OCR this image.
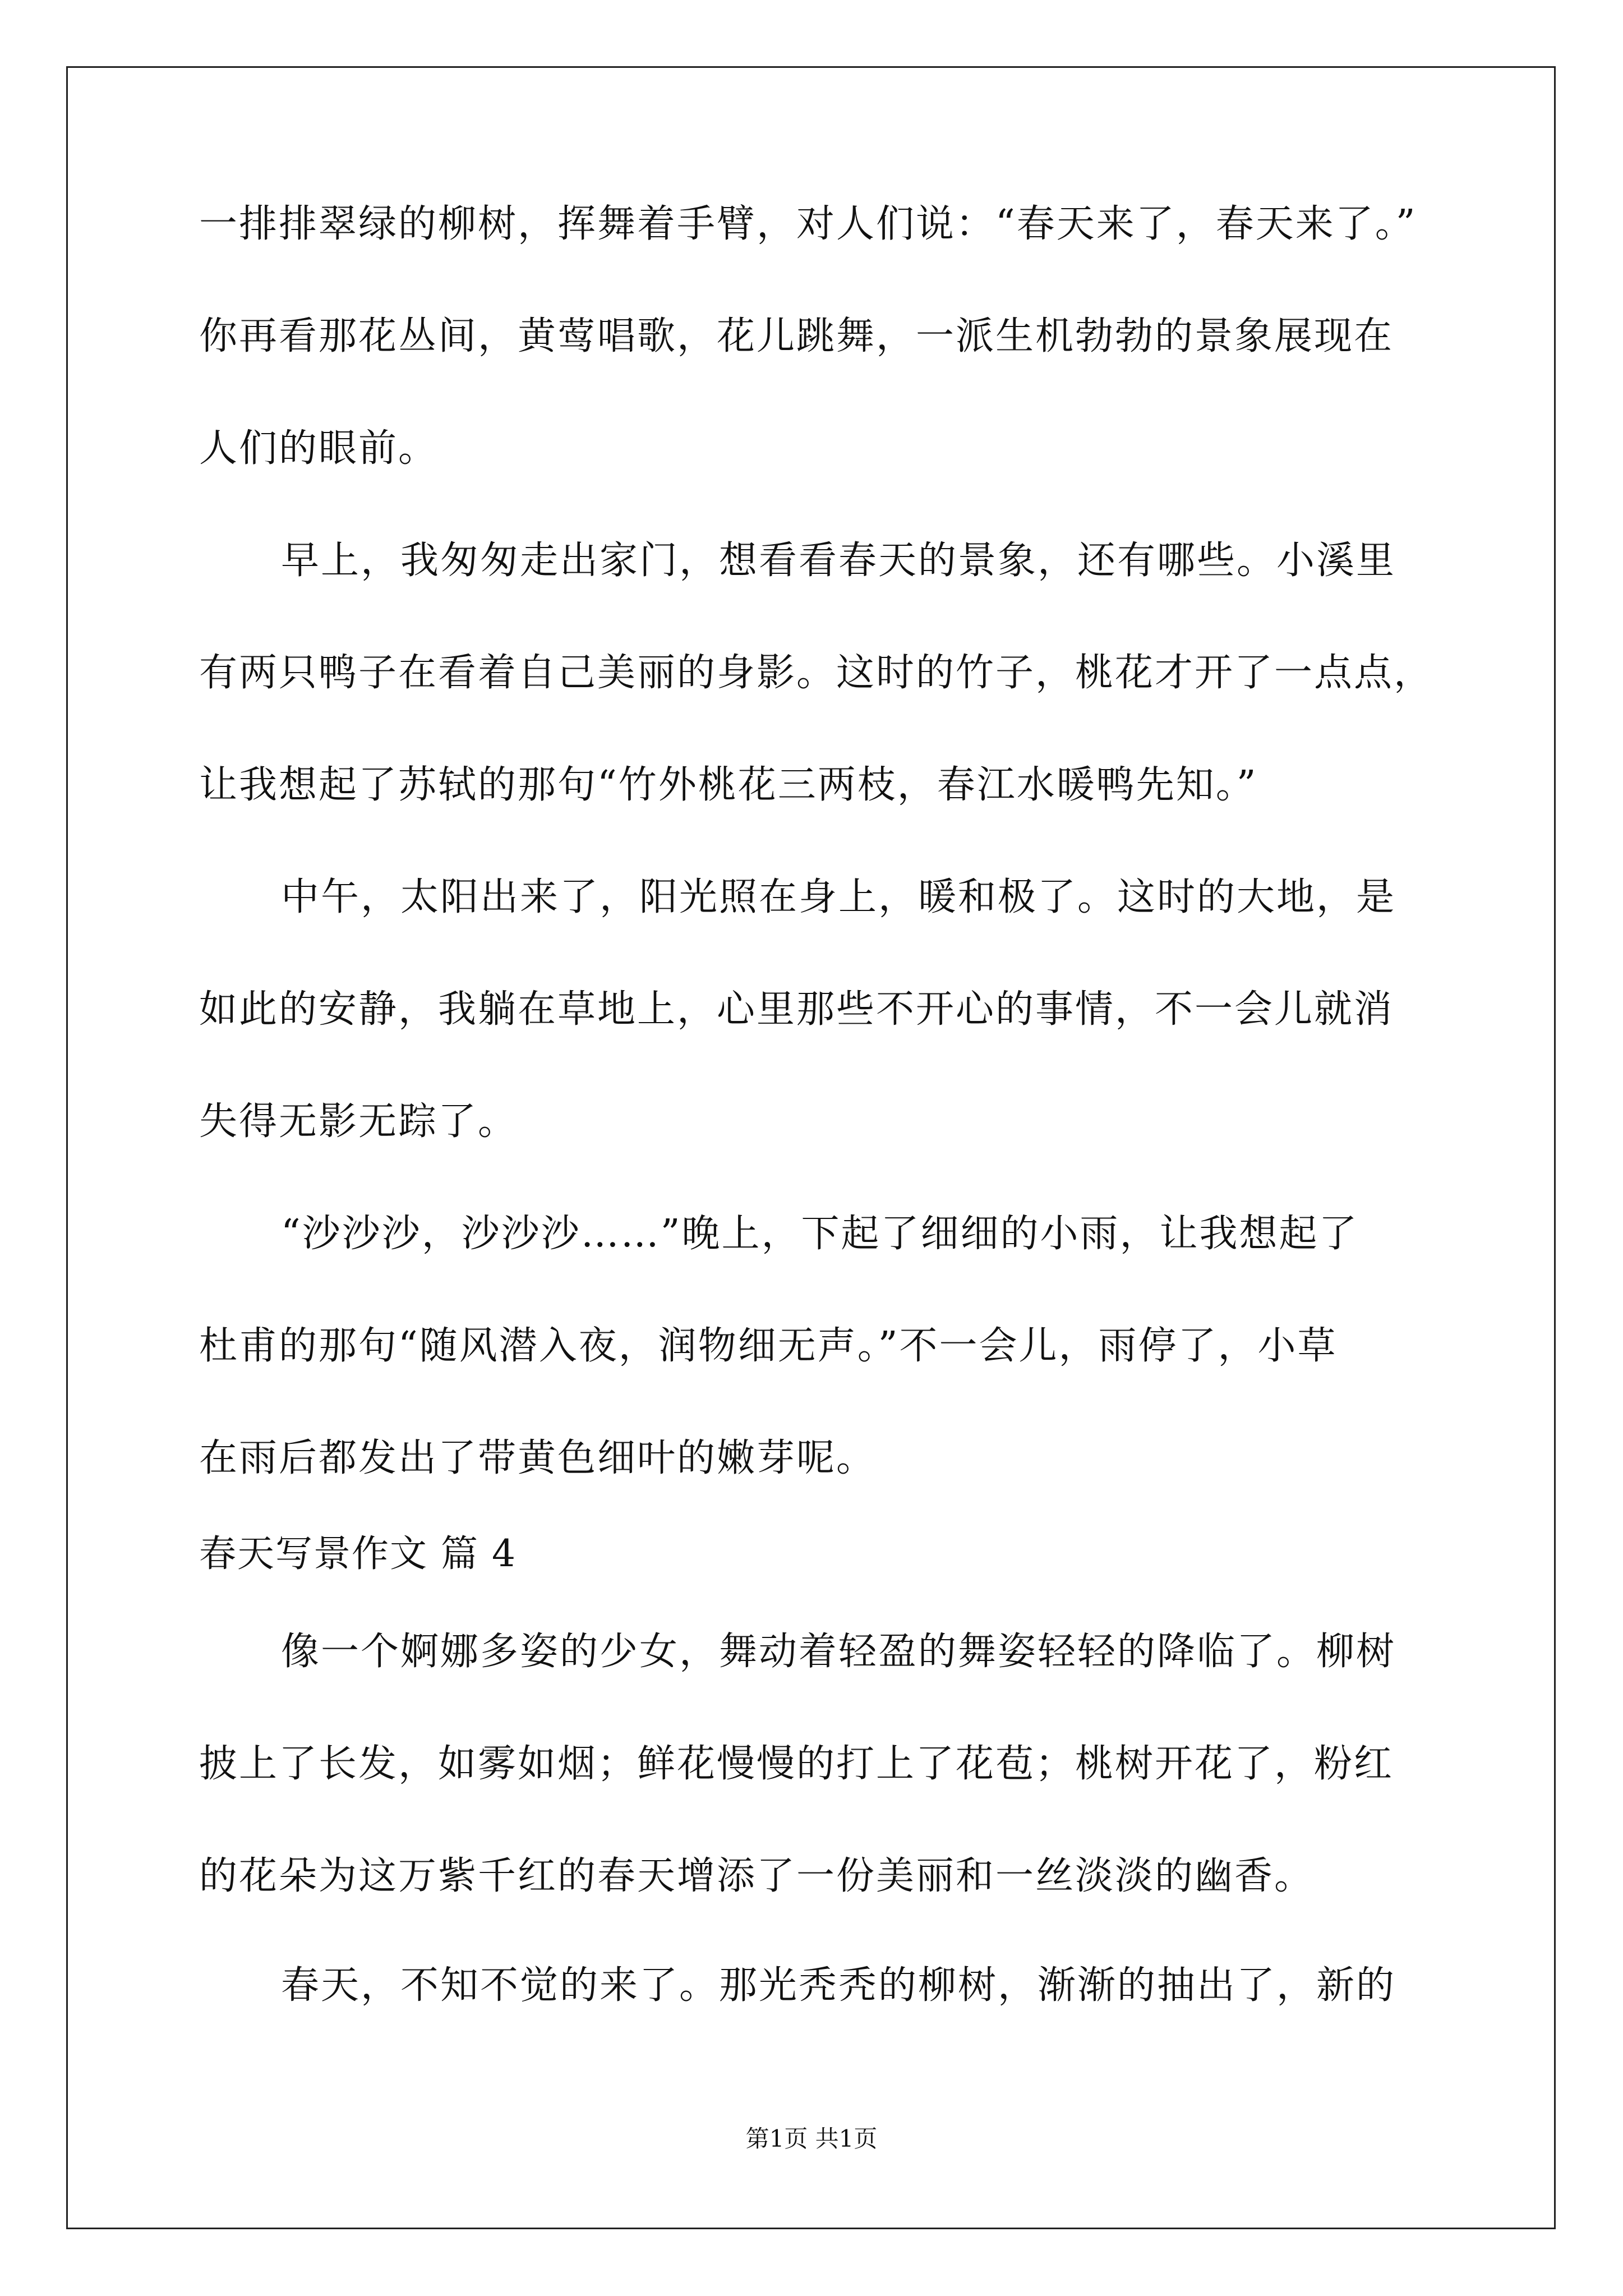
一排排翠绿的柳树，挥舞着手臂，对人们说：“春天来了，春天来了。”
你再看那花丛间，黄莺唱歌，花儿跳舞，一派生机勃勃的景象展现在
人们的眼前。
早上，我匆匆走出家门，想看看春天的景象，还有哪些。小溪里
有两只鸭子在看着自己美丽的身影。这时的竹子，桃花才开了一点点，
让我想起了苏轼的那句“竹外桃花三两枝，春江水暖鸭先知。”
中午，太阳出来了，阳光照在身上，暖和极了。这时的大地，是
如此的安静，我躺在草地上，心里那些不开心的事情，不一会儿就消
失得无影无踪了。
“沙沙沙，沙沙沙……”晚上，下起了细细的小雨，让我想起了
杜甫的那句“随风潜入夜，润物细无声。”不一会儿，雨停了，小草
在雨后都发出了带黄色细叶的嫩芽呢。
春天写景作文 篇 4
像一个婀娜多姿的少女，舞动着轻盈的舞姿轻轻的降临了。柳树
披上了长发，如雾如烟；鲜花慢慢的打上了花苞；桃树开花了，粉红
的花朵为这万紫千红的春天增添了一份美丽和一丝淡淡的幽香。
春天，不知不觉的来了。那光秃秃的柳树，渐渐的抽出了，新的
第1页 共1页
